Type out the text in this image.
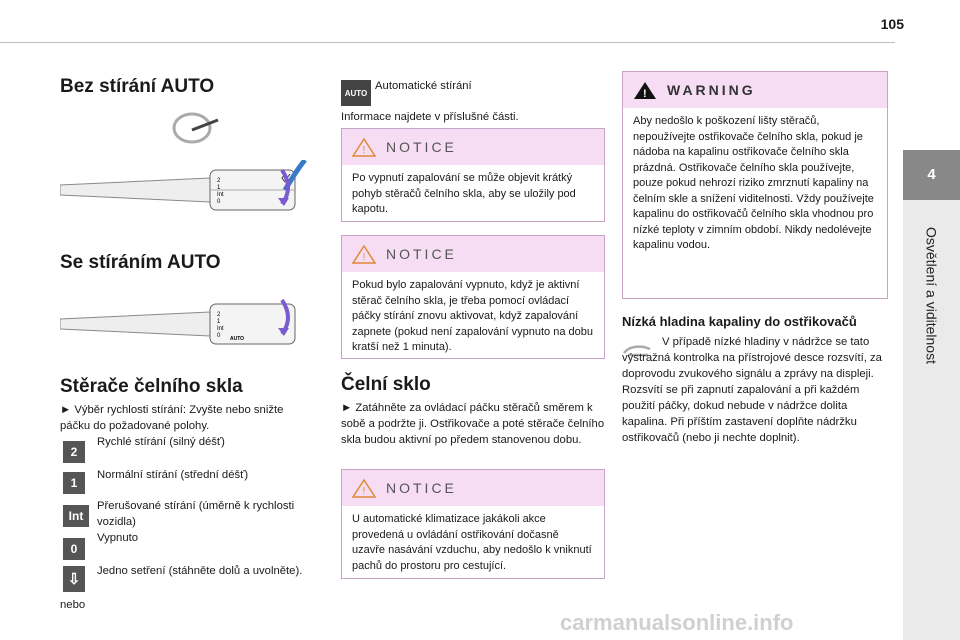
105
4
Osvětlení a viditelnost
Bez stírání AUTO
2
1
Int
0
Se stíráním AUTO
2
1
Int
0 AUTO
Stěrače čelního skla
► Výběr rychlosti stírání: Zvyšte nebo snižte páčku do požadované polohy.
2
Rychlé stírání (silný déšť)
1
Normální stírání (střední déšť)
Int
Přerušované stírání (úměrně k rychlosti vozidla)
0
Vypnuto
⇩	Jedno setření (stáhněte dolů a uvolněte).
nebo
AUTO
Automatické stírání
Informace najdete v příslušné části.
! NOTICE
Po vypnutí zapalování se může objevit krátký pohyb stěračů čelního skla, aby se uložily pod kapotu.
! NOTICE
Pokud bylo zapalování vypnuto, když je aktivní stěrač čelního skla, je třeba pomocí ovládací páčky stírání znovu aktivovat, když zapalování zapnete (pokud není zapalování vypnuto na dobu kratší než 1 minuta).
Čelní sklo
► Zatáhněte za ovládací páčku stěračů směrem k sobě a podržte ji. Ostřikovače a poté stěrače čelního skla budou aktivní po předem stanovenou dobu.
! NOTICE
U automatické klimatizace jakákoli akce provedená u ovládání ostřikování dočasně uzavře nasávání vzduchu, aby nedošlo k vniknutí pachů do prostoru pro cestující.
! WARNING
Aby nedošlo k poškození lišty stěračů, nepoužívejte ostřikovače čelního skla, pokud je nádoba na kapalinu ostřikovače čelního skla prázdná. Ostřikovače čelního skla používejte, pouze pokud nehrozí riziko zmrznutí kapaliny na čelním skle a snížení viditelnosti. Vždy používejte kapalinu do ostřikovačů čelního skla vhodnou pro nízké teploty v zimním období. Nikdy nedolévejte kapalinu vodou.
Nízká hladina kapaliny do ostřikovačů
V případě nízké hladiny v nádržce se tato výstražná kontrolka na přístrojové desce rozsvítí, za doprovodu zvukového signálu a zprávy na displeji. Rozsvítí se při zapnutí zapalování a při každém použití páčky, dokud nebude v nádržce dolita kapalina. Při příštím zastavení doplňte nádržku ostřikovačů (nebo ji nechte doplnit).
carmanualsonline.info
